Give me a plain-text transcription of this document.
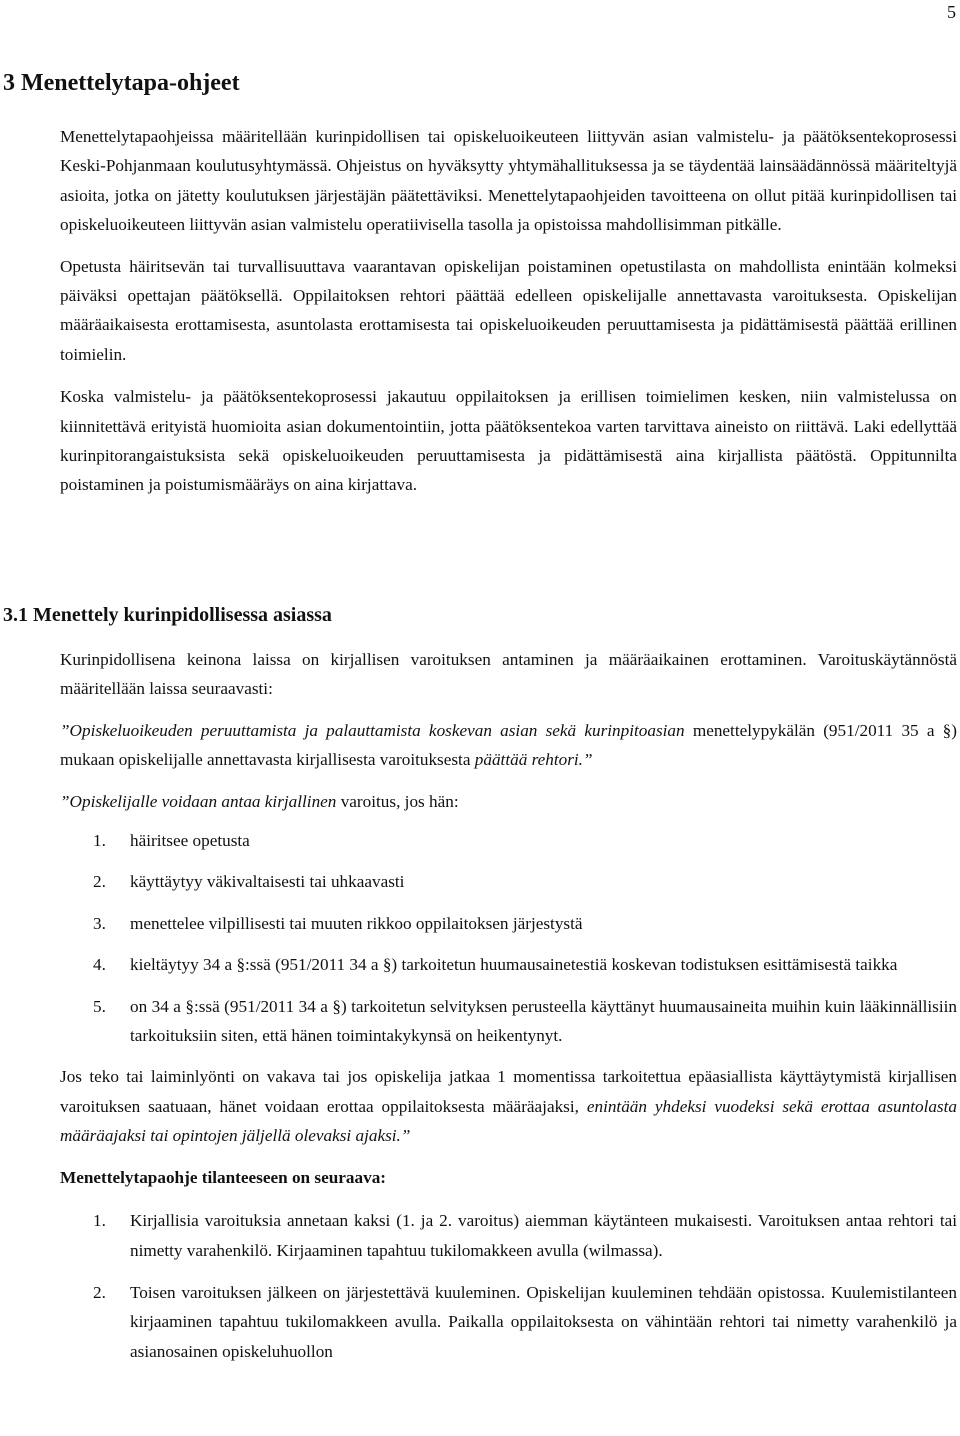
5
3 Menettelytapa-ohjeet

Menettelytapaohjeissa määritellään kurinpidollisen tai opiskeluoikeuteen liittyvän asian valmistelu- ja päätöksentekoprosessi Keski-Pohjanmaan koulutusyhtymässä. Ohjeistus on hyväksytty yhtymähallituksessa ja se täydentää lainsäädännössä määriteltyjä asioita, jotka on jätetty koulutuksen järjestäjän päätettäviksi. Menettelytapaohjeiden tavoitteena on ollut pitää kurinpidollisen tai opiskeluoikeuteen liittyvän asian valmistelu operatiivisella tasolla ja opistoissa mahdollisimman pitkälle.

Opetusta häiritsevän tai turvallisuuttava vaarantavan opiskelijan poistaminen opetustilasta on mahdollista enintään kolmeksi päiväksi opettajan päätöksellä. Oppilaitoksen rehtori päättää edelleen opiskelijalle annettavasta varoituksesta. Opiskelijan määräaikaisesta erottamisesta, asuntolasta erottamisesta tai opiskeluoikeuden peruuttamisesta ja pidättämisestä päättää erillinen toimielin.

Koska valmistelu- ja päätöksentekoprosessi jakautuu oppilaitoksen ja erillisen toimielimen kesken, niin valmistelussa on kiinnitettävä erityistä huomioita asian dokumentointiin, jotta päätöksentekoa varten tarvittava aineisto on riittävä. Laki edellyttää kurinpitorangaistuksista sekä opiskeluoikeuden peruuttamisesta ja pidättämisestä aina kirjallista päätöstä. Oppitunnilta poistaminen ja poistumismääräys on aina kirjattava.

3.1 Menettely kurinpidollisessa asiassa

Kurinpidollisena keinona laissa on kirjallisen varoituksen antaminen ja määräaikainen erottaminen. Varoituskäytännöstä määritellään laissa seuraavasti:

”Opiskeluoikeuden peruuttamista ja palauttamista koskevan asian sekä kurinpitoasian menettelypykälän (951/2011 35 a §) mukaan opiskelijalle annettavasta kirjallisesta varoituksesta päättää rehtori.”

”Opiskelijalle voidaan antaa kirjallinen varoitus, jos hän:

1. häiritsee opetusta
2. käyttäytyy väkivaltaisesti tai uhkaavasti
3. menettelee vilpillisesti tai muuten rikkoo oppilaitoksen järjestystä
4. kieltäytyy 34 a §:ssä (951/2011 34 a §) tarkoitetun huumausainetestiä koskevan todistuksen esittämisestä taikka
5. on 34 a §:ssä (951/2011 34 a §) tarkoitetun selvityksen perusteella käyttänyt huumausaineita muihin kuin lääkinnällisiin tarkoituksiin siten, että hänen toimintakykynsä on heikentynyt.

Jos teko tai laiminlyönti on vakava tai jos opiskelija jatkaa 1 momentissa tarkoitettua epäasiallista käyttäytymistä kirjallisen varoituksen saatuaan, hänet voidaan erottaa oppilaitoksesta määräajaksi, enintään yhdeksi vuodeksi sekä erottaa asuntolasta määräajaksi tai opintojen jäljellä olevaksi ajaksi.”

Menettelytapaohje tilanteeseen on seuraava:

1. Kirjallisia varoituksia annetaan kaksi (1. ja 2. varoitus) aiemman käytänteen mukaisesti. Varoituksen antaa rehtori tai nimetty varahenkilö. Kirjaaminen tapahtuu tukilomakkeen avulla (wilmassa).
2. Toisen varoituksen jälkeen on järjestettävä kuuleminen. Opiskelijan kuuleminen tehdään opistossa. Kuulemistilanteen kirjaaminen tapahtuu tukilomakkeen avulla. Paikalla oppilaitoksesta on vähintään rehtori tai nimetty varahenkilö ja asianosainen opiskeluhuollon
